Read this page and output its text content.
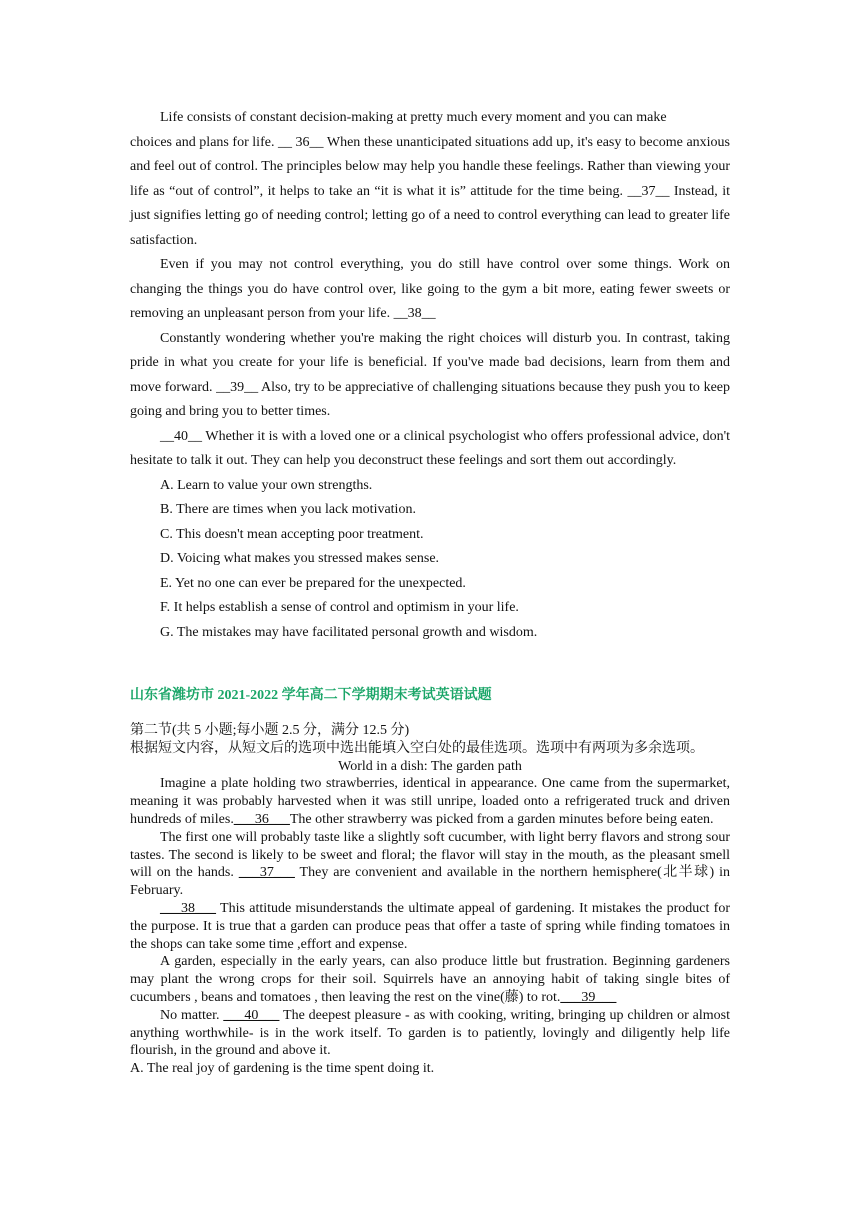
Life consists of constant decision-making at pretty much every moment and you can make

choices and plans for life. __ 36__ When these unanticipated situations add up, it's easy to become anxious and feel out of control. The principles below may help you handle these feelings. Rather than viewing your life as “out of control”, it helps to take an “it is what it is” attitude for the time being. __37__ Instead, it just signifies letting go of needing control; letting go of a need to control everything can lead to greater life satisfaction.

Even if you may not control everything, you do still have control over some things. Work on changing the things you do have control over, like going to the gym a bit more, eating fewer sweets or removing an unpleasant person from your life. __38__

Constantly wondering whether you're making the right choices will disturb you. In contrast, taking pride in what you create for your life is beneficial. If you've made bad decisions, learn from them and move forward. __39__ Also, try to be appreciative of challenging situations because they push you to keep going and bring you to better times.

__40__ Whether it is with a loved one or a clinical psychologist who offers professional advice, don't hesitate to talk it out. They can help you deconstruct these feelings and sort them out accordingly.

A. Learn to value your own strengths.

B. There are times when you lack motivation.

C. This doesn't mean accepting poor treatment.

D. Voicing what makes you stressed makes sense.

E. Yet no one can ever be prepared for the unexpected.

F. It helps establish a sense of control and optimism in your life.

G. The mistakes may have facilitated personal growth and wisdom.

山东省潍坊市 2021-2022 学年高二下学期期末考试英语试题

第二节(共 5 小题;每小题 2.5 分，满分 12.5 分)

根据短文内容，从短文后的选项中选出能填入空白处的最佳选项。选项中有两项为多余选项。

World in a dish: The garden path

Imagine a plate holding two strawberries, identical in appearance. One came from the supermarket, meaning it was probably harvested when it was still unripe, loaded onto a refrigerated truck and driven hundreds of miles.___36___The other strawberry was picked from a garden minutes before being eaten.

The first one will probably taste like a slightly soft cucumber, with light berry flavors and strong sour tastes. The second is likely to be sweet and floral; the flavor will stay in the mouth, as the pleasant smell will on the hands. ___37___ They are convenient and available in the northern hemisphere(北半球) in February.

___38___ This attitude misunderstands the ultimate appeal of gardening. It mistakes the product for the purpose. It is true that a garden can produce peas that offer a taste of spring while finding tomatoes in the shops can take some time ,effort and expense.

A garden, especially in the early years, can also produce little but frustration. Beginning gardeners may plant the wrong crops for their soil. Squirrels have an annoying habit of taking single bites of cucumbers , beans and tomatoes , then leaving the rest on the vine(藤) to rot.___39___

No matter. ___40___ The deepest pleasure - as with cooking, writing, bringing up children or almost anything worthwhile- is in the work itself. To garden is to patiently, lovingly and diligently help life flourish, in the ground and above it.

A. The real joy of gardening is the time spent doing it.
